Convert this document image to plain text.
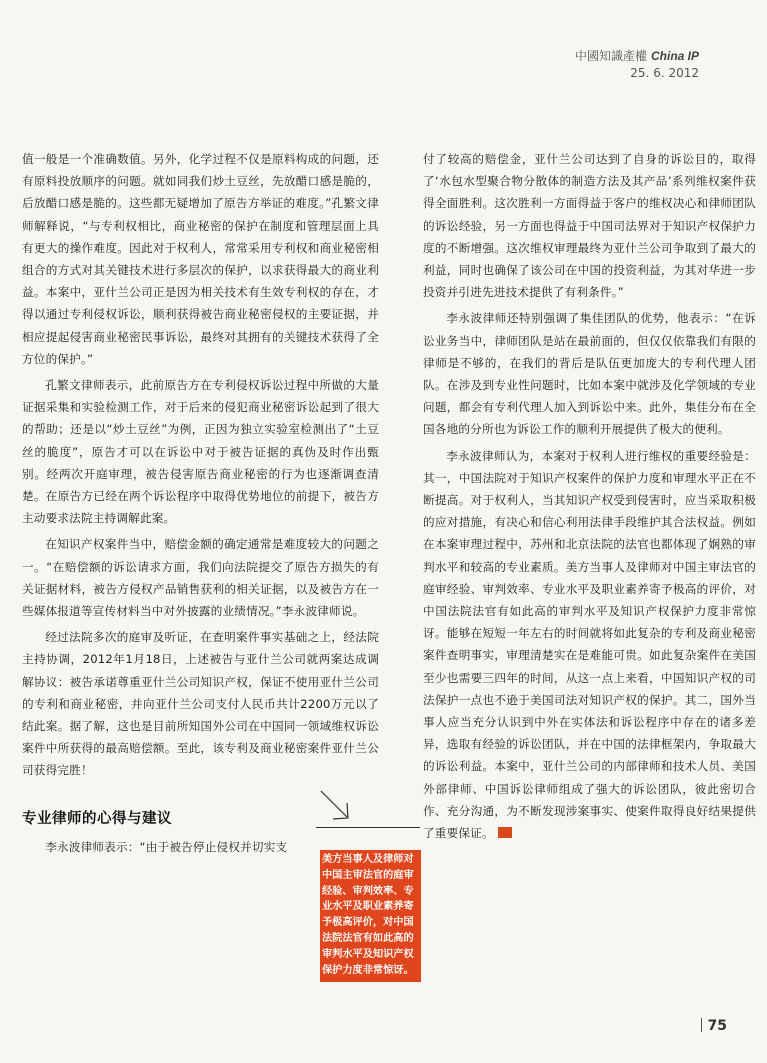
中國知識產權 China IP
25. 6. 2012

值一般是一个准确数值。另外，化学过程不仅是原料构成的问题，还有原料投放顺序的问题。就如同我们炒土豆丝，先放醋口感是脆的，后放醋口感是脆的。这些都无疑增加了原告方举证的难度。”孔繁文律师解释说，“与专利权相比，商业秘密的保护在制度和管理层面上具有更大的操作难度。因此对于权利人，常常采用专利权和商业秘密相组合的方式对其关键技术进行多层次的保护，以求获得最大的商业利益。本案中，亚什兰公司正是因为相关技术有生效专利权的存在，才得以通过专利侵权诉讼，顺利获得被告商业秘密侵权的主要证据，并相应提起侵害商业秘密民事诉讼，最终对其拥有的关键技术获得了全方位的保护。”

孔繁文律师表示，此前原告方在专利侵权诉讼过程中所做的大量证据采集和实验检测工作，对于后来的侵犯商业秘密诉讼起到了很大的帮助；还是以“炒土豆丝”为例，正因为独立实验室检测出了“土豆丝的脆度”，原告才可以在诉讼中对于被告证据的真伪及时作出甄别。经两次开庭审理，被告侵害原告商业秘密的行为也逐渐调查清楚。在原告方已经在两个诉讼程序中取得优势地位的前提下，被告方主动要求法院主持调解此案。

在知识产权案件当中，赔偿金额的确定通常是难度较大的问题之一。“在赔偿额的诉讼请求方面，我们向法院提交了原告方损失的有关证据材料，被告方侵权产品销售获利的相关证据，以及被告方在一些媒体报道等宣传材料当中对外披露的业绩情况。”李永波律师说。

经过法院多次的庭审及听证，在查明案件事实基础之上，经法院主持协调，2012年1月18日，上述被告与亚什兰公司就两案达成调解协议：被告承诺尊重亚什兰公司知识产权，保证不使用亚什兰公司的专利和商业秘密，并向亚什兰公司支付人民币共计2200万元以了结此案。据了解，这也是目前所知国外公司在中国同一领域维权诉讼案件中所获得的最高赔偿额。至此，该专利及商业秘密案件亚什兰公司获得完胜！

专业律师的心得与建议

李永波律师表示：“由于被告停止侵权并切实支

付了较高的赔偿金，亚什兰公司达到了自身的诉讼目的，取得了‘水包水型聚合物分散体的制造方法及其产品’系列维权案件获得全面胜利。这次胜利一方面得益于客户的维权决心和律师团队的诉讼经验，另一方面也得益于中国司法界对于知识产权保护力度的不断增强。这次维权审理最终为亚什兰公司争取到了最大的利益，同时也确保了该公司在中国的投资利益，为其对华进一步投资并引进先进技术提供了有利条件。”

李永波律师还特别强调了集佳团队的优势，他表示：“在诉讼业务当中，律师团队是站在最前面的，但仅仅依靠我们有限的律师是不够的，在我们的背后是队伍更加庞大的专利代理人团队。在涉及到专业性问题时，比如本案中就涉及化学领域的专业问题，都会有专利代理人加入到诉讼中来。此外，集佳分布在全国各地的分所也为诉讼工作的顺利开展提供了极大的便利。

李永波律师认为，本案对于权利人进行维权的重要经验是：其一，中国法院对于知识产权案件的保护力度和审理水平正在不断提高。对于权利人，当其知识产权受到侵害时，应当采取积极的应对措施，有决心和信心利用法律手段维护其合法权益。例如在本案审理过程中，苏州和北京法院的法官也都体现了娴熟的审判水平和较高的专业素质。美方当事人及律师对中国主审法官的庭审经验、审判效率、专业水平及职业素养寄予极高的评价，对中国法院法官有如此高的审判水平及知识产权保护力度非常惊讶。能够在短短一年左右的时间就将如此复杂的专利及商业秘密案件查明事实，审理清楚实在是难能可贵。如此复杂案件在美国至少也需要三四年的时间，从这一点上来看，中国知识产权的司法保护一点也不逊于美国司法对知识产权的保护。其二，国外当事人应当充分认识到中外在实体法和诉讼程序中存在的诸多差异，选取有经验的诉讼团队，并在中国的法律框架内，争取最大的诉讼利益。本案中，亚什兰公司的内部律师和技术人员、美国外部律师、中国诉讼律师组成了强大的诉讼团队，彼此密切合作、充分沟通，为不断发现涉案事实、使案件取得良好结果提供了重要保证。

美方当事人及律师对中国主审法官的庭审经验、审判效率、专业水平及职业素养寄予极高评价，对中国法院法官有如此高的审判水平及知识产权保护力度非常惊讶。
75
